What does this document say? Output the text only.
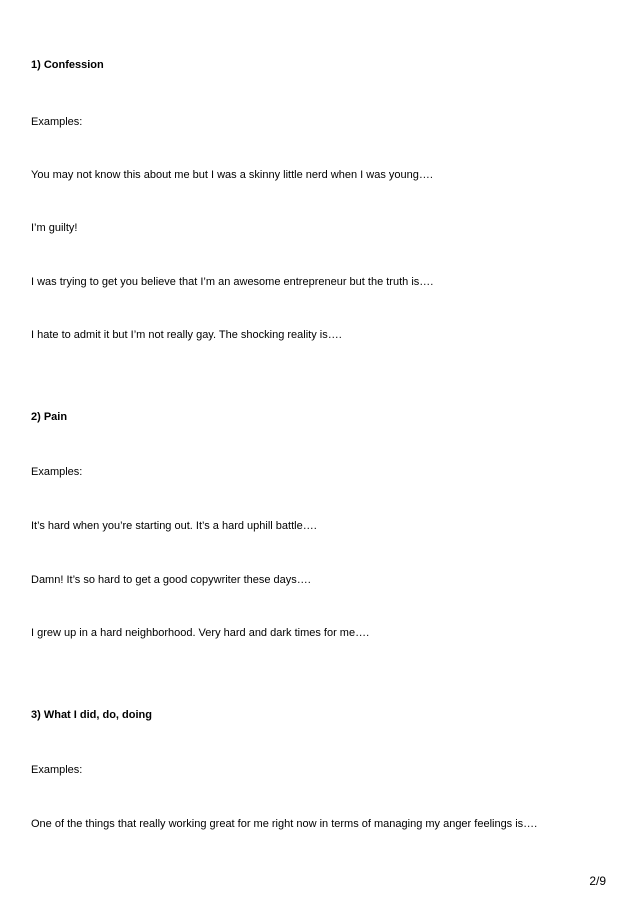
1) Confession
Examples:
You may not know this about me but I was a skinny little nerd when I was young….
I’m guilty!
I was trying to get you believe that I’m an awesome entrepreneur but the truth is….
I hate to admit it but I’m not really gay. The shocking reality is….
2) Pain
Examples:
It’s hard when you’re starting out. It’s a hard uphill battle….
Damn! It’s so hard to get a good copywriter these days….
I grew up in a hard neighborhood. Very hard and dark times for me….
3) What I did, do, doing
Examples:
One of the things that really working great for me right now in terms of managing my anger feelings is….
2/9
